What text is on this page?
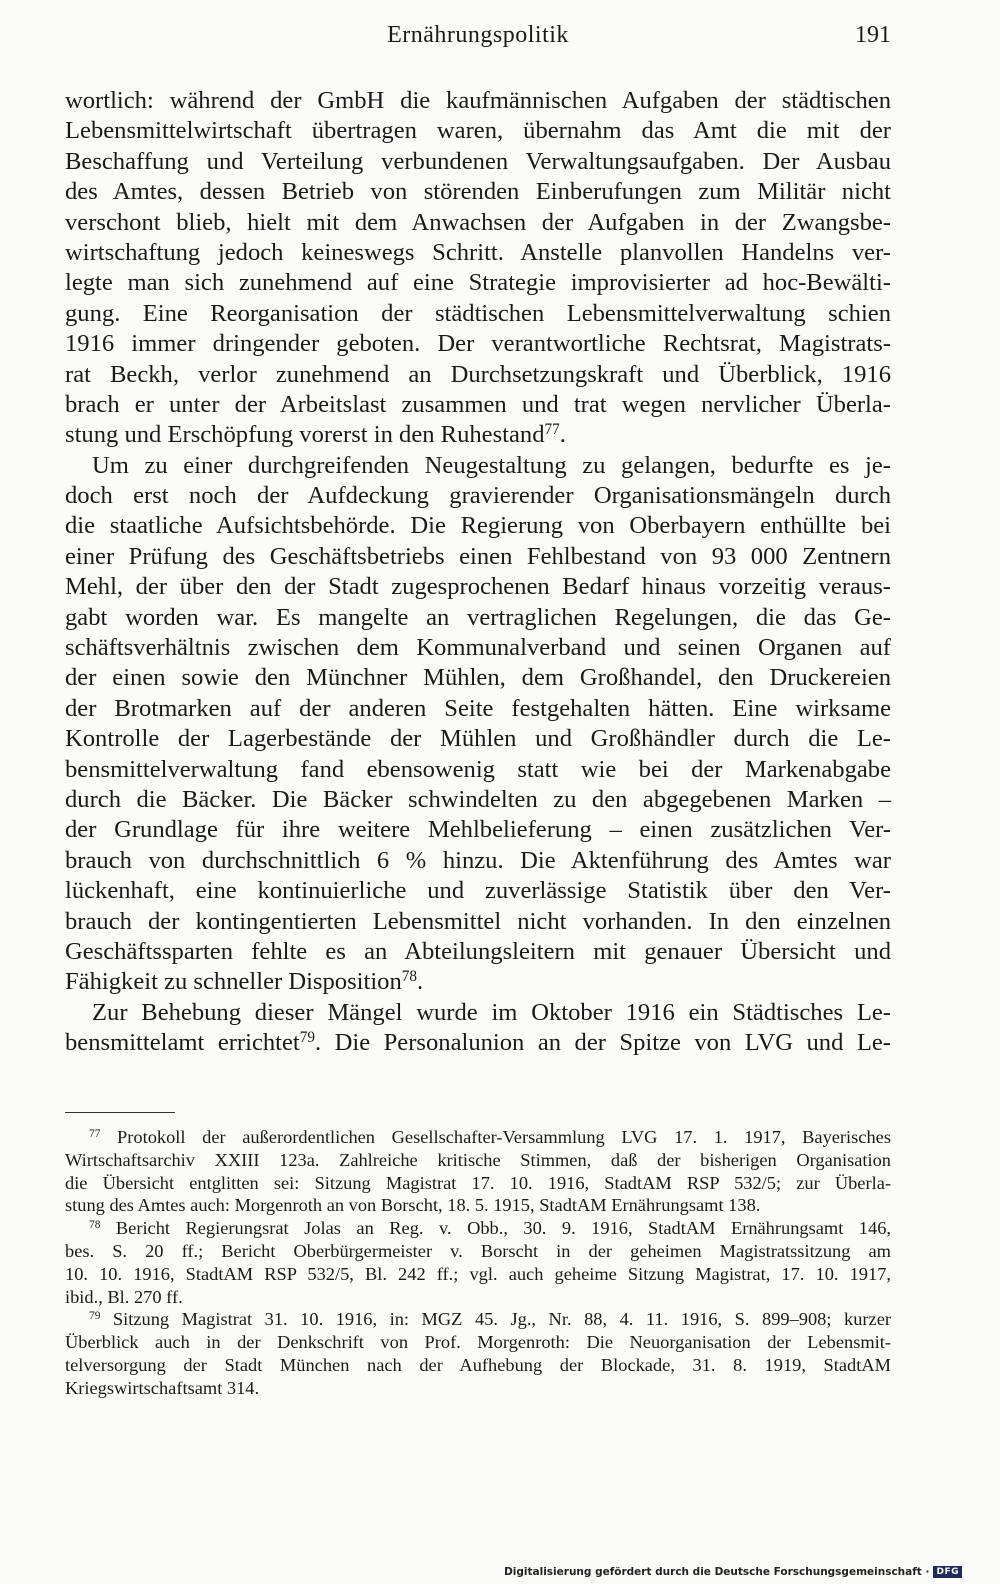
Ernährungspolitik	191
wortlich: während der GmbH die kaufmännischen Aufgaben der städtischen
Lebensmittelwirtschaft übertragen waren, übernahm das Amt die mit der
Beschaffung und Verteilung verbundenen Verwaltungsaufgaben. Der Ausbau
des Amtes, dessen Betrieb von störenden Einberufungen zum Militär nicht
verschont blieb, hielt mit dem Anwachsen der Aufgaben in der Zwangsbe-
wirtschaftung jedoch keineswegs Schritt. Anstelle planvollen Handelns ver-
legte man sich zunehmend auf eine Strategie improvisierter ad hoc-Bewälti-
gung. Eine Reorganisation der städtischen Lebensmittelverwaltung schien
1916 immer dringender geboten. Der verantwortliche Rechtsrat, Magistrats-
rat Beckh, verlor zunehmend an Durchsetzungskraft und Überblick, 1916
brach er unter der Arbeitslast zusammen und trat wegen nervlicher Überla-
stung und Erschöpfung vorerst in den Ruhestand$^{77}$.
Um zu einer durchgreifenden Neugestaltung zu gelangen, bedurfte es je-
doch erst noch der Aufdeckung gravierender Organisationsmängeln durch
die staatliche Aufsichtsbehörde. Die Regierung von Oberbayern enthüllte bei
einer Prüfung des Geschäftsbetriebs einen Fehlbestand von 93 000 Zentnern
Mehl, der über den der Stadt zugesprochenen Bedarf hinaus vorzeitig veraus-
gabt worden war. Es mangelte an vertraglichen Regelungen, die das Ge-
schäftsverhältnis zwischen dem Kommunalverband und seinen Organen auf
der einen sowie den Münchner Mühlen, dem Großhandel, den Druckereien
der Brotmarken auf der anderen Seite festgehalten hätten. Eine wirksame
Kontrolle der Lagerbestände der Mühlen und Großhändler durch die Le-
bensmittelverwaltung fand ebensowenig statt wie bei der Markenabgabe
durch die Bäcker. Die Bäcker schwindelten zu den abgegebenen Marken –
der Grundlage für ihre weitere Mehlbelieferung – einen zusätzlichen Ver-
brauch von durchschnittlich 6 % hinzu. Die Aktenführung des Amtes war
lückenhaft, eine kontinuierliche und zuverlässige Statistik über den Ver-
brauch der kontingentierten Lebensmittel nicht vorhanden. In den einzelnen
Geschäftssparten fehlte es an Abteilungsleitern mit genauer Übersicht und
Fähigkeit zu schneller Disposition$^{78}$.
Zur Behebung dieser Mängel wurde im Oktober 1916 ein Städtisches Le-
bensmittelamt errichtet$^{79}$. Die Personalunion an der Spitze von LVG und Le-
$^{77}$ Protokoll der außerordentlichen Gesellschafter-Versammlung LVG 17. 1. 1917, Bayerisches
Wirtschaftsarchiv XXIII 123a. Zahlreiche kritische Stimmen, daß der bisherigen Organisation
die Übersicht entglitten sei: Sitzung Magistrat 17. 10. 1916, StadtAM RSP 532/5; zur Überla-
stung des Amtes auch: Morgenroth an von Borscht, 18. 5. 1915, StadtAM Ernährungsamt 138.
$^{78}$ Bericht Regierungsrat Jolas an Reg. v. Obb., 30. 9. 1916, StadtAM Ernährungsamt 146,
bes. S. 20 ff.; Bericht Oberbürgermeister v. Borscht in der geheimen Magistratssitzung am
10. 10. 1916, StadtAM RSP 532/5, Bl. 242 ff.; vgl. auch geheime Sitzung Magistrat, 17. 10. 1917,
ibid., Bl. 270 ff.
$^{79}$ Sitzung Magistrat 31. 10. 1916, in: MGZ 45. Jg., Nr. 88, 4. 11. 1916, S. 899–908; kurzer
Überblick auch in der Denkschrift von Prof. Morgenroth: Die Neuorganisation der Lebensmit-
telversorgung der Stadt München nach der Aufhebung der Blockade, 31. 8. 1919, StadtAM
Kriegswirtschaftsamt 314.
Digitalisierung gefördert durch die Deutsche Forschungsgemeinschaft · DFG
